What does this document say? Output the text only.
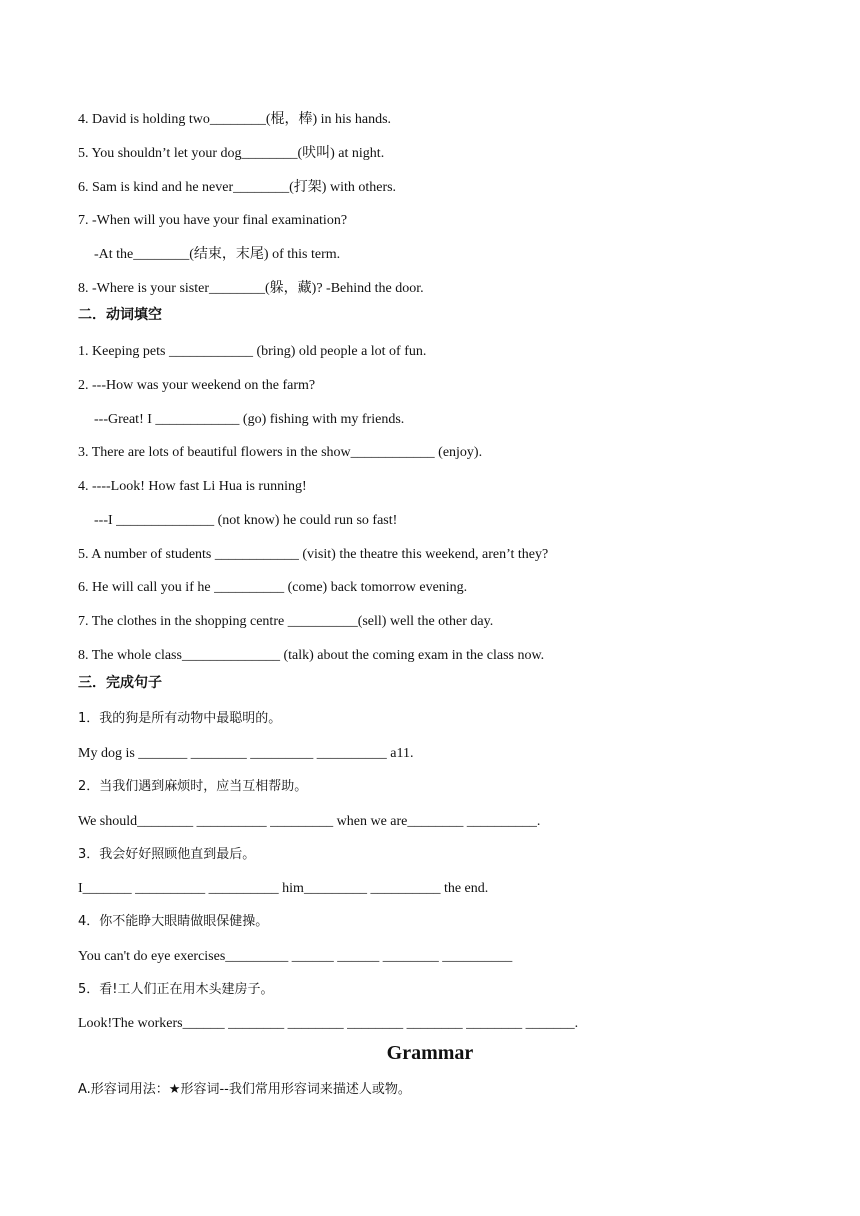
4. David is holding two________(棍，棒) in his hands.
5. You shouldn’t let your dog________(吠叫) at night.
6. Sam is kind and he never________(打架) with others.
7. -When will you have your final examination?
-At the________(结束，末尾) of this term.
8. -Where is your sister________(躲，藏)? -Behind the door.
二．动词填空
1. Keeping pets ____________ (bring) old people a lot of fun.
2. ---How was your weekend on the farm?
---Great! I ____________ (go) fishing with my friends.
3. There are lots of beautiful flowers in the show____________ (enjoy).
4. ----Look! How fast Li Hua is running!
---I ______________ (not know) he could run so fast!
5. A number of students ____________ (visit) the theatre this weekend, aren’t they?
6. He will call you if he __________ (come) back tomorrow evening.
7. The clothes in the shopping centre __________(sell) well the other day.
8. The whole class______________ (talk) about the coming exam in the class now.
三．完成句子
1．我的狗是所有动物中最聪明的。
My dog is _______ ________ _________ __________ a11.
2．当我们遇到麻烦时，应当互相帮助。
We should________ __________ _________ when we are________ __________.
3．我会好好照顾他直到最后。
I_______ __________ __________ him_________ __________ the end.
4．你不能睁大眼睛做眼保健操。
You can't do eye exercises_________ ______ ______ ________ __________
5．看!工人们正在用木头建房子。
Look!The workers______ ________ ________ ________ ________ ________ _______.
Grammar
A.形容词用法：★形容词--我们常用形容词来描述人或物。
